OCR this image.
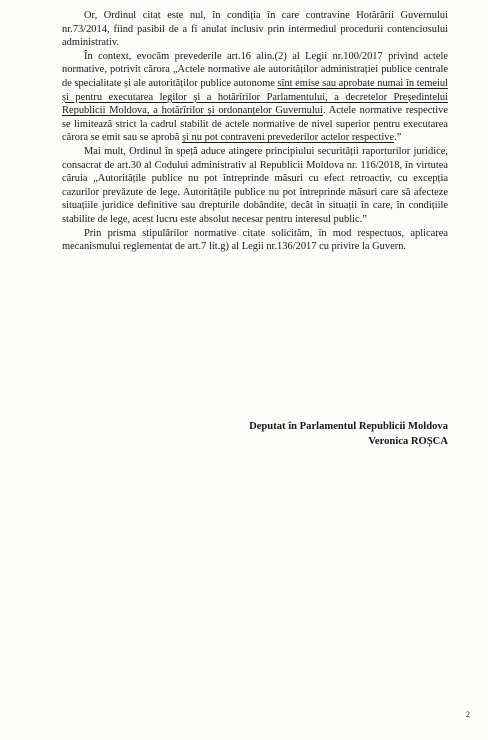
Or, Ordinul citat este nul, în condiția în care contravine Hotărârii Guvernului nr.73/2014, fiind pasibil de a fi anulat inclusiv prin intermediul procedurii contenciosului administrativ.

În context, evocăm prevederile art.16 alin.(2) al Legii nr.100/2017 privind actele normative, potrivit cărora „Actele normative ale autorităților administrației publice centrale de specialitate și ale autorităților publice autonome sînt emise sau aprobate numai în temeiul și pentru executarea legilor și a hotărîrilor Parlamentului, a decretelor Președintelui Republicii Moldova, a hotărîrilor și ordonanțelor Guvernului. Actele normative respective se limitează strict la cadrul stabilit de actele normative de nivel superior pentru executarea cărora se emit sau se aprobă și nu pot contraveni prevederilor actelor respective.”

Mai mult, Ordinul în speță aduce atingere principiului securității raporturilor juridice, consacrat de art.30 al Codului administrativ al Republicii Moldova nr. 116/2018, în virtutea căruia „Autoritățile publice nu pot întreprinde măsuri cu efect retroactiv, cu excepția cazurilor prevăzute de lege. Autoritățile publice nu pot întreprinde măsuri care să afecteze situațiile juridice definitive sau drepturile dobândite, decât în situații în care, în condițiile stabilite de lege, acest lucru este absolut necesar pentru interesul public.”

Prin prisma stipulărilor normative citate solicităm, în mod respectuos, aplicarea mecanismului reglementat de art.7 lit.g) al Legii nr.136/2017 cu privire la Guvern.

Deputat în Parlamentul Republicii Moldova
Veronica ROȘCA
2
